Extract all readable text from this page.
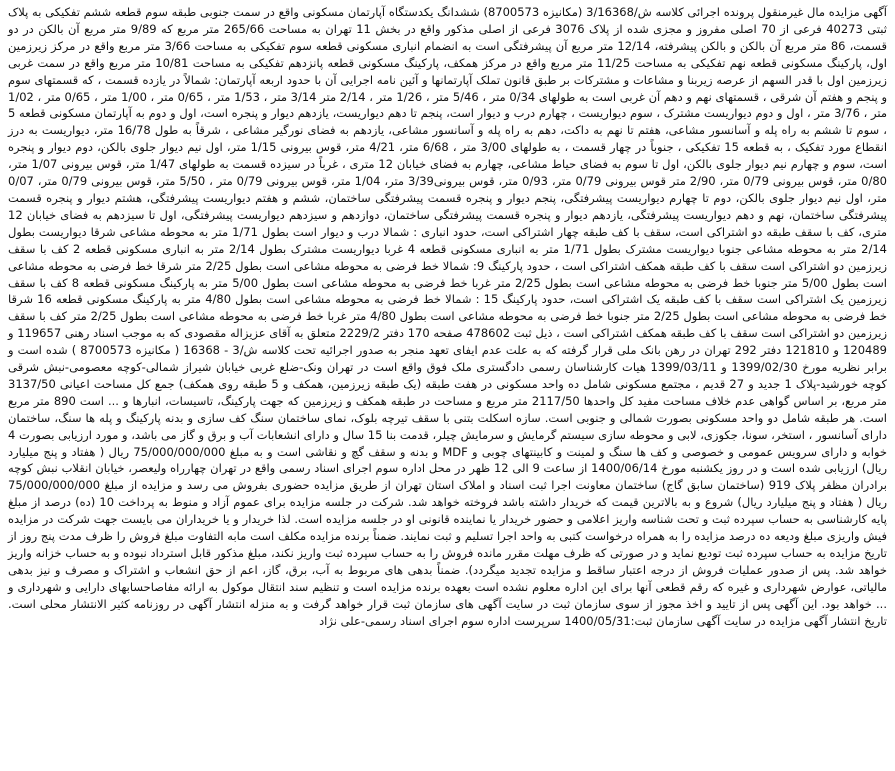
آگهی مزایده مال غیرمنقول پرونده اجرائی کلاسه ش/3/16368 (مکانیزه 8700573) ششدانگ یکدستگاه آپارتمان مسکونی واقع در سمت جنوبی طبقه سوم قطعه ششم تفکیکی به پلاک ثبتی 40273 فرعی از 70 اصلی مفروز و مجزی شده از پلاک 3076 فرعی از اصلی مذکور واقع در بخش 11 تهران به مساحت 265/66 متر مربع که 9/89 متر مربع آن بالکن در دو قسمت، 86 متر مربع آن بالکن و بالکن پیشرفته، 12/14 متر مربع آن پیشرفتگی است به انضمام انباری مسکونی قطعه سوم تفکیکی به مساحت 3/66 متر مربع واقع در مرکز زیرزمین اول، پارکینگ مسکونی قطعه نهم تفکیکی به مساحت 11/25 متر مربع واقع در مرکز همکف، پارکینگ مسکونی قطعه پانزدهم تفکیکی به مساحت 10/81 متر مربع واقع در سمت غربی زیرزمین اول با قدر السهم از عرصه زیربنا و مشاعات و مشترکات بر طبق قانون تملک آپارتمانها و آئین نامه اجرایی آن با حدود اربعه آپارتمان: شمالاً در یازده قسمت ، که قسمتهای سوم و پنجم و هفتم آن شرقی ، قسمتهای نهم و دهم آن غربی است به طولهای 0/34 متر ، 5/46 متر ، 1/26 متر ، 2/14 متر 3/14 متر ، 1/53 متر ، 0/65 متر ، 1/00 متر ، 0/65 متر ، 1/02 متر ، 3/76 متر ، اول و دوم دیواریست مشترک ، سوم دیواریست ، چهارم درب و دیوار است، پنجم تا دهم دیواریست، یازدهم دیوار و پنجره است، اول و دوم به آپارتمان مسکونی قطعه 5 ، سوم تا ششم به راه پله و آسانسور مشاعی، هفتم تا نهم به داکت، دهم به راه پله و آسانسور مشاعی، یازدهم به فضای نورگیر مشاعی ، شرقاً به طول 16/78 متر، دیواریست به درز انقطاع مورد تفکیک ، به قطعه 15 تفکیکی ، جنوباً در چهار قسمت ، به طولهای 3/00 متر ، 6/68 متر، 4/21 متر، قوس بیرونی 1/15 متر، اول نیم دیوار جلوی بالکن، دوم دیوار و پنجره است، سوم و چهارم نیم دیوار جلوی بالکن، اول تا سوم به فضای حیاط مشاعی، چهارم به فضای خیابان 12 متری ، غرباً در سیزده قسمت به طولهای 1/47 متر، قوس بیرونی 1/07 متر، 0/80 متر، قوس بیرونی 0/79 متر، 2/90 متر قوس بیرونی 0/79 متر، 0/93 متر، قوس بیرونی3/39 متر، 1/04 متر، قوس بیرونی 0/79 متر ، 5/50 متر، قوس بیرونی 0/79 متر، 0/07 متر، اول نیم دیوار جلوی بالکن، دوم تا چهارم دیواریست پیشرفتگی، پنجم دیوار و پنجره قسمت پیشرفتگی ساختمان، ششم و هفتم دیواریست پیشرفتگی، هشتم دیوار و پنجره قسمت پیشرفتگی ساختمان، نهم و دهم دیواریست پیشرفتگی، یازدهم دیوار و پنجره قسمت پیشرفتگی ساختمان، دوازدهم و سیزدهم دیواریست پیشرفتگی، اول تا سیزدهم به فضای خیابان 12 متری، کف با سقف طبقه دو اشتراکی است، سقف با کف طبقه چهار اشتراکی است، حدود انباری : شمالا درب و دیوار است بطول 1/71 متر به محوطه مشاعی شرقا دیواریست بطول 2/14 متر به محوطه مشاعی جنوبا دیواریست مشترک بطول 1/71 متر به انباری مسکونی قطعه 4 غربا دیواریست مشترک بطول 2/14 متر به انباری مسکونی قطعه 2 کف با سقف زیرزمین دو اشتراکی است سقف با کف طبقه همکف اشتراکی است ، حدود پارکینگ 9: شمالا خط فرضی به محوطه مشاعی است بطول 2/25 متر شرقا خط فرضی به محوطه مشاعی است بطول 5/00 متر جنوبا خط فرضی به محوطه مشاعی است بطول 2/25 متر غربا خط فرضی به محوطه مشاعی است بطول 5/00 متر به پارکینگ مسکونی قطعه 8 کف با سقف زیرزمین یک اشتراکی است سقف با کف طبقه یک اشتراکی است، حدود پارکینگ 15 : شمالا خط فرضی به محوطه مشاعی است بطول 4/80 متر به پارکینگ مسکونی قطعه 16 شرقا خط فرضی به محوطه مشاعی است بطول 2/25 متر جنوبا خط فرضی به محوطه مشاعی است بطول 4/80 متر غربا خط فرضی به محوطه مشاعی است بطول 2/25 متر کف با سقف زیرزمین دو اشتراکی است سقف با کف طبقه همکف اشتراکی است ، ذیل ثبت 478602 صفحه 170 دفتر 2229/2 متعلق به آقای عزیزاله مقصودی که به موجب اسناد رهنی 119657 و 120489 و 121810 دفتر 292 تهران در رهن بانک ملی قرار گرفته که به علت عدم ایفای تعهد منجر به صدور اجرائیه تحت کلاسه ش/3 - 16368 ( مکانیزه 8700573 ) شده است و برابر نظریه مورخ 1399/02/30 و 1399/03/11 هیات کارشناسان رسمی دادگستری ملک فوق واقع است در تهران ونک-ضلع غربی خیابان شیراز شمالی-کوچه معصومی-نبش شرقی کوچه خورشید-پلاک 1 جدید و 27 قدیم ، مجتمع مسکونی شامل ده واحد مسکونی در هفت طبقه (یک طبقه زیرزمین، همکف و 5 طبقه روی همکف) جمع کل مساحت اعیانی 3137/50 متر مربع، بر اساس گواهی عدم خلاف مساحت مفید کل واحدها 2117/50 متر مربع و مساحت در طبقه همکف و زیرزمین که جهت پارکینگ، تاسیسات، انبارها و ... است 890 متر مربع است. هر طبقه شامل دو واحد مسکونی بصورت شمالی و جنوبی است. سازه اسکلت بتنی با سقف تیرچه بلوک، نمای ساختمان سنگ کف سازی و بدنه پارکینگ و پله ها سنگ، ساختمان دارای آسانسور ، استخر، سونا، جکوزی، لابی و محوطه سازی سیستم گرمایش و سرمایش چیلر، قدمت بنا 15 سال و دارای انشعابات آب و برق و گاز می باشد، و مورد ارزیابی بصورت 4 خوابه و دارای سرویس عمومی و خصوصی و کف ها سنگ و لمینت و کابینتهای چوبی و MDF و بدنه و سقف گچ و نقاشی است و به مبلغ 75/000/000/000 ریال ( هفتاد و پنج میلیارد ریال) ارزیابی شده است و در روز یکشنبه مورخ 1400/06/14 از ساعت 9 الی 12 ظهر در محل اداره سوم اجرای اسناد رسمی واقع در تهران چهارراه ولیعصر، خیابان انقلاب نبش کوچه برادران مظفر پلاک 919 (ساختمان سابق گاج) ساختمان معاونت اجرا ثبت اسناد و املاک استان تهران از طریق مزایده حضوری بفروش می رسد و مزایده از مبلغ 75/000/000/000 ریال ( هفتاد و پنج میلیارد ریال) شروع و به بالاترین قیمت که خریدار داشته باشد فروخته خواهد شد. شرکت در جلسه مزایده برای عموم آزاد و منوط به پرداخت 10 (ده) درصد از مبلغ پایه کارشناسی به حساب سپرده ثبت و تحت شناسه واریز اعلامی و حضور خریدار یا نماینده قانونی او در جلسه مزایده است. لذا خریدار و یا خریداران می بایست جهت شرکت در مزایده فیش واریزی مبلغ ودیعه ده درصد مزایده را به همراه درخواست کتبی به واحد اجرا تسلیم و ثبت نمایند. ضمناً برنده مزایده مکلف است مابه التفاوت مبلغ فروش را ظرف مدت پنج روز از تاریخ مزایده به حساب سپرده ثبت تودیع نماید و در صورتی که ظرف مهلت مقرر مانده فروش را به حساب سپرده ثبت واریز نکند، مبلغ مذکور قابل استرداد نبوده و به حساب خزانه واریز خواهد شد. پس از صدور عملیات فروش از درجه اعتبار ساقط و مزایده تجدید میگردد). ضمناً بدهی های مربوط به آب، برق، گاز، اعم از حق انشعاب و اشتراک و مصرف و نیز بدهی مالیاتی، عوارض شهرداری و غیره که رقم قطعی آنها برای این اداره معلوم نشده است بعهده برنده مزایده است و تنظیم سند انتقال موکول به ارائه مفاصاحسابهای دارایی و شهرداری و ... خواهد بود. این آگهی پس از تایید و اخذ مجوز از سوی سازمان ثبت در سایت آگهی های سازمان ثبت قرار خواهد گرفت و به منزله انتشار آگهی در روزنامه کثیر الانتشار محلی است. تاریخ انتشار آگهی مزایده در سایت آگهی سازمان ثبت:1400/05/31 سرپرست اداره سوم اجرای اسناد رسمی-علی نژاد
